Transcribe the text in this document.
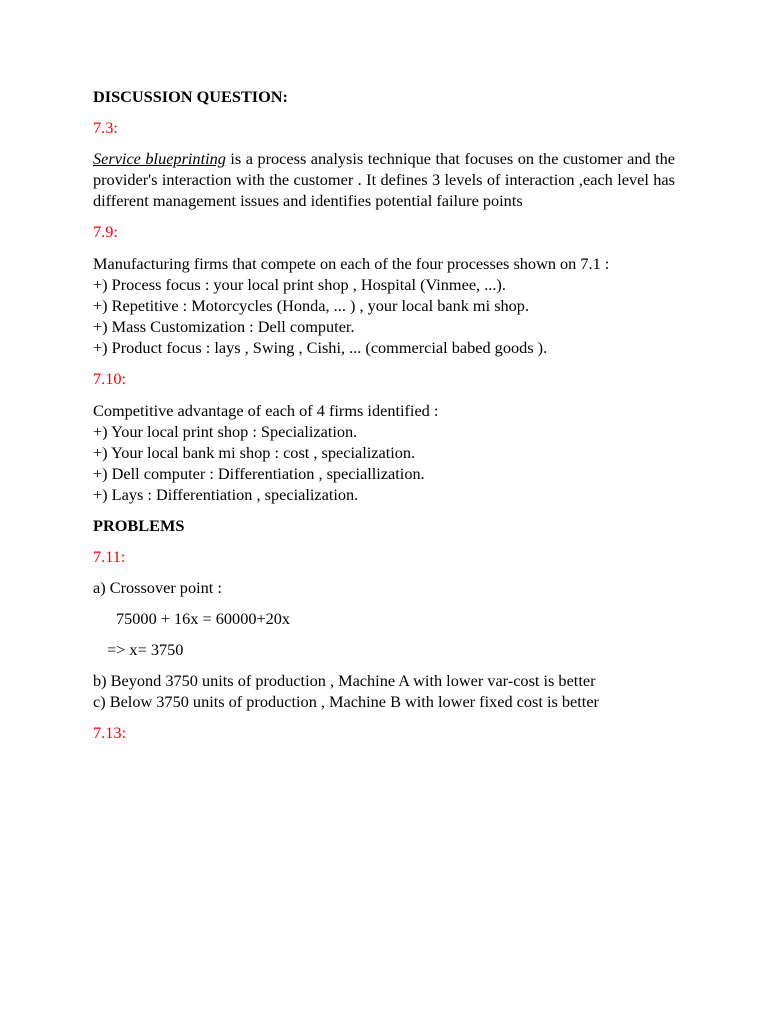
DISCUSSION QUESTION:

7.3:

Service blueprinting is a process analysis technique that focuses on the customer and the provider's interaction with the customer . It defines 3 levels of interaction ,each level has different management issues and identifies potential failure points

7.9:

Manufacturing firms that compete on each of the four processes shown on 7.1 :
+) Process focus : your local print shop , Hospital (Vinmee, ...).
+) Repetitive : Motorcycles (Honda, ... ) , your local bank mi shop.
+) Mass Customization : Dell computer.
+) Product focus : lays , Swing , Cishi, ... (commercial babed goods ).

7.10:

Competitive advantage of each of 4 firms identified :
+) Your local print shop : Specialization.
+) Your local bank mi shop : cost , specialization.
+) Dell computer : Differentiation , speciallization.
+) Lays : Differentiation , specialization.

PROBLEMS

7.11:

a) Crossover point :

75000 + 16x = 60000+20x

=> x= 3750

b) Beyond 3750 units of production , Machine A with lower var-cost is better
c) Below 3750 units of production , Machine B with lower fixed cost is better

7.13:
